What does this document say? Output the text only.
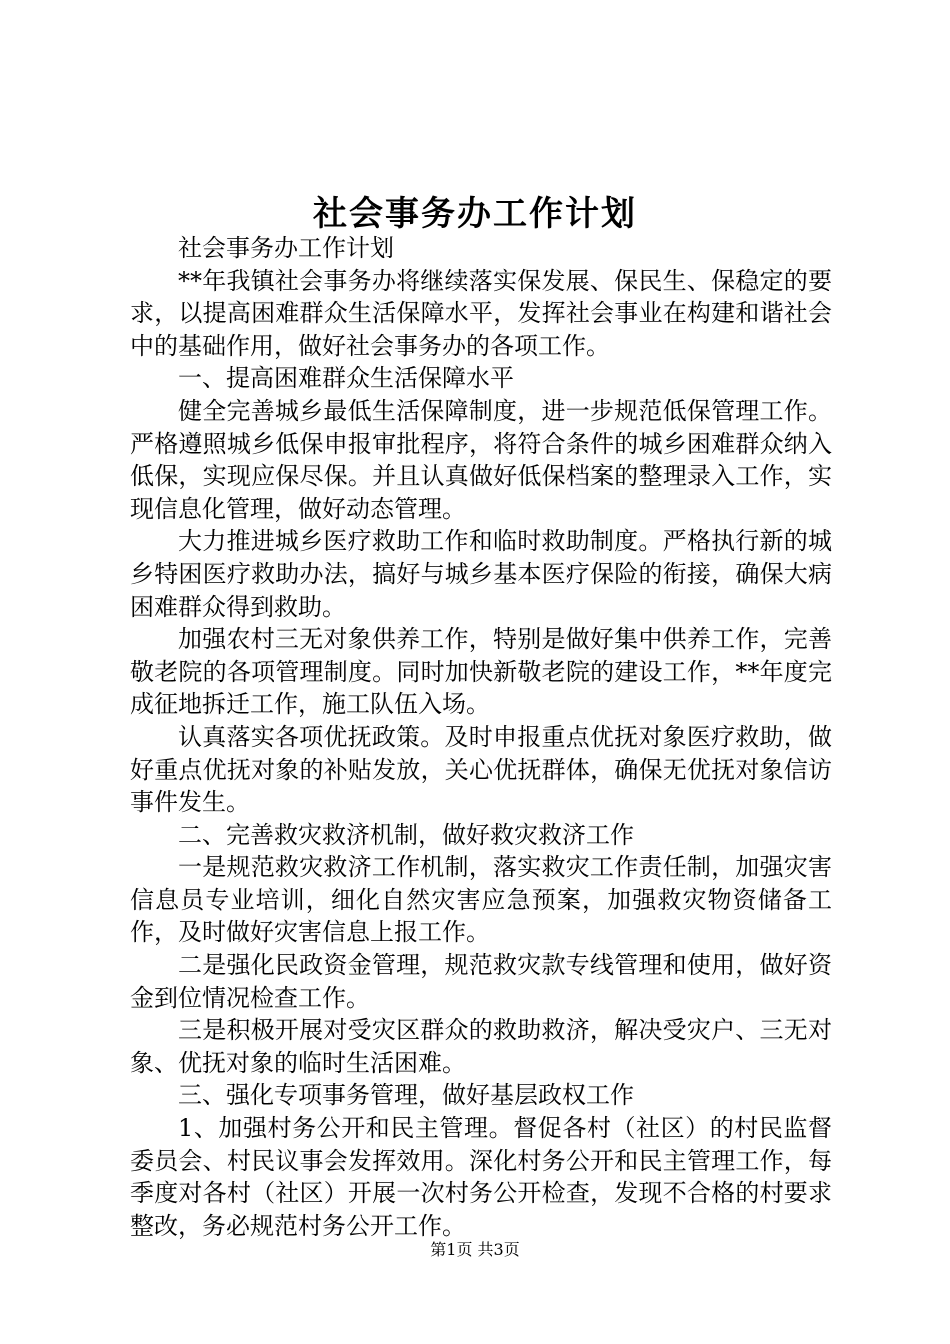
社会事务办工作计划

社会事务办工作计划

**年我镇社会事务办将继续落实保发展、保民生、保稳定的要求，以提高困难群众生活保障水平，发挥社会事业在构建和谐社会中的基础作用，做好社会事务办的各项工作。

一、提高困难群众生活保障水平

健全完善城乡最低生活保障制度，进一步规范低保管理工作。严格遵照城乡低保申报审批程序，将符合条件的城乡困难群众纳入低保，实现应保尽保。并且认真做好低保档案的整理录入工作，实现信息化管理，做好动态管理。

大力推进城乡医疗救助工作和临时救助制度。严格执行新的城乡特困医疗救助办法，搞好与城乡基本医疗保险的衔接，确保大病困难群众得到救助。

加强农村三无对象供养工作，特别是做好集中供养工作，完善敬老院的各项管理制度。同时加快新敬老院的建设工作，**年度完成征地拆迁工作，施工队伍入场。

认真落实各项优抚政策。及时申报重点优抚对象医疗救助，做好重点优抚对象的补贴发放，关心优抚群体，确保无优抚对象信访事件发生。

二、完善救灾救济机制，做好救灾救济工作

一是规范救灾救济工作机制，落实救灾工作责任制，加强灾害信息员专业培训，细化自然灾害应急预案，加强救灾物资储备工作，及时做好灾害信息上报工作。

二是强化民政资金管理，规范救灾款专线管理和使用，做好资金到位情况检查工作。

三是积极开展对受灾区群众的救助救济，解决受灾户、三无对象、优抚对象的临时生活困难。

三、强化专项事务管理，做好基层政权工作

1、加强村务公开和民主管理。督促各村（社区）的村民监督委员会、村民议事会发挥效用。深化村务公开和民主管理工作，每季度对各村（社区）开展一次村务公开检查，发现不合格的村要求整改，务必规范村务公开工作。

第1页 共3页
